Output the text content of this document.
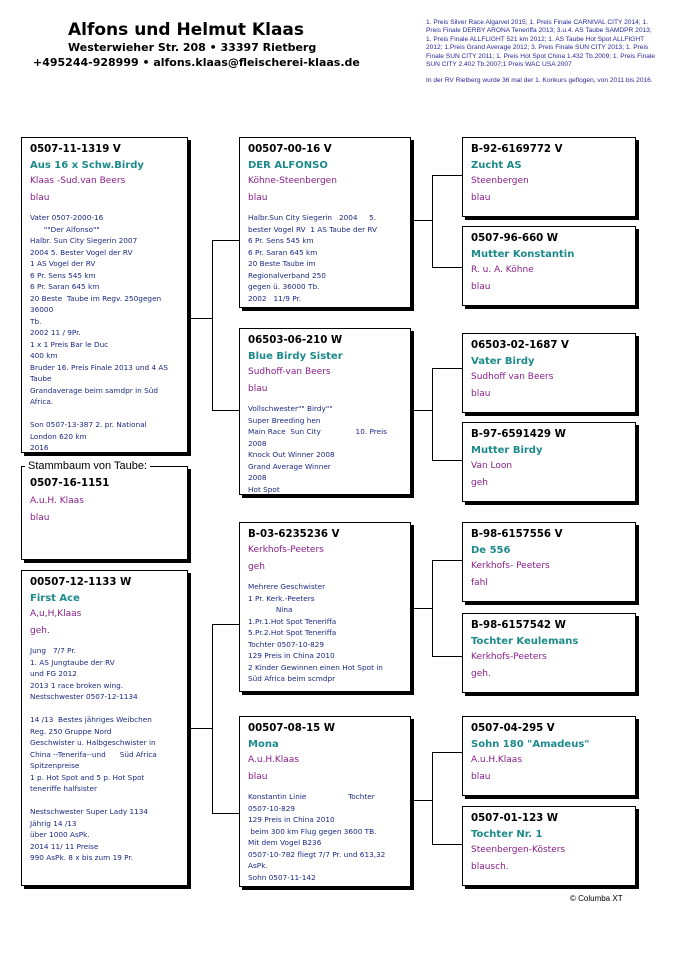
Alfons und Helmut Klaas
Westerwieher Str. 208 • 33397 Rietberg
+495244-928999 • alfons.klaas@fleischerei-klaas.de

1. Preis Silver Race Algarvel 2015; 1. Preis Finale CARNIVAL CITY 2014; 1. Preis Finale DERBY ARONA Teneriffa 2013; 3.u.4. AS Taube SAMDPR 2013; 1. Preis Finale ALLFLIGHT 521 km 2012; 1. AS Taube Hot Spot ALLFIGHT 2012; 1.Preis Grand Average 2012; 3. Preis Finale SUN CITY 2013; 1. Preis Finale SUN CITY 2011; 1. Preis Hot Spot China 1.432 Tb.2009; 1. Preis Finale SUN CITY 2.402 Tb.2007;1 Preis WAC USA 2007

In der RV Rietberg wurde 36 mal der 1. Konkurs geflogen, von 2011 bis 2016.

0507-11-1319 V
Aus 16 x Schw.Birdy
Klaas -Sud.van Beers
blau
Vater 0507-2000-16
""Der Alfonso""
Halbr. Sun City Siegerin 2007
2004 5. Bester Vogel der RV
1 AS Vogel der RV
6 Pr. Sens 545 km
6 Pr. Saran 645 km
20 Beste  Taube im Regv. 250gegen
36000
Tb.
2002 11 / 9Pr.
1 x 1 Preis Bar le Duc
400 km
Bruder 16. Preis Finale 2013 und 4 AS
Taube
Grandaverage beim samdpr in Süd
Africa.

Son 0507-13-387 2. pr. National
London 620 km
2016
0507-16-1151
A.u.H. Klaas
blau
Stammbaum von Taube:
00507-12-1133 W
First Ace
A,u,H,Klaas
geh.
Jung   7/7 Pr.
1. AS Jungtaube der RV
und FG 2012
2013 1 race broken wing.
Nestschwester 0507-12-1134

14 /13  Bestes jähriges Weibchen
Reg. 250 Gruppe Nord
Geschwister u. Halbgeschwister in
China --Tenerifa--und      Süd Africa
Spitzenpreise
1 p. Hot Spot and 5 p. Hot Spot
teneriffe halfsister

Nestschwester Super Lady 1134
Jährig 14 /13
über 1000 AsPk.
2014 11/ 11 Preise
990 AsPk. 8 x bis zum 19 Pr.
00507-00-16 V
DER ALFONSO
Köhne-Steenbergen
blau
Halbr.Sun City Siegerin   2004     5.
bester Vogel RV  1 AS Taube der RV
6 Pr. Sens 545 km
6 Pr. Saran 645 km
20 Beste Taube im
Regionalverband 250
gegen ü. 36000 Tb.
2002   11/9 Pr.
06503-06-210 W
Blue Birdy Sister
Sudhoff-van Beers
blau
Vollschwester"" Birdy""
Super Breeding hen
Main Race  Sun City               10. Preis
2008
Knock Out Winner 2008
Grand Average Winner
2008
Hot Spot
B-03-6235236 V
Kerkhofs-Peeters
geh
Mehrere Geschwister
1 Pr. Kerk.-Peeters
Nina
1.Pr.1.Hot Spot Teneriffa
5.Pr.2.Hot Spot Teneriffa
Tochter 0507-10-829
129 Preis in China 2010
2 Kinder Gewinnen einen Hot Spot in
Süd Africa beim scmdpr
00507-08-15 W
Mona
A.u.H.Klaas
blau
Konstantin Linie                  Tochter
0507-10-829
129 Preis in China 2010
beim 300 km Flug gegen 3600 TB.
Mit dem Vogel B236
0507-10-782 fliegt 7/7 Pr. und 613,32
AsPk.
Sohn 0507-11-142
B-92-6169772 V
Zucht AS
Steenbergen
blau
0507-96-660 W
Mutter Konstantin
R. u. A. Köhne
blau
06503-02-1687 V
Vater Birdy
Sudhoff van Beers
blau
B-97-6591429 W
Mutter Birdy
Van Loon
geh
B-98-6157556 V
De 556
Kerkhofs- Peeters
fahl
B-98-6157542 W
Tochter Keulemans
Kerkhofs-Peeters
geh.
0507-04-295 V
Sohn 180 "Amadeus"
A.u.H.Klaas
blau
0507-01-123 W
Tochter Nr. 1
Steenbergen-Kösters
blausch.
© Columba XT
